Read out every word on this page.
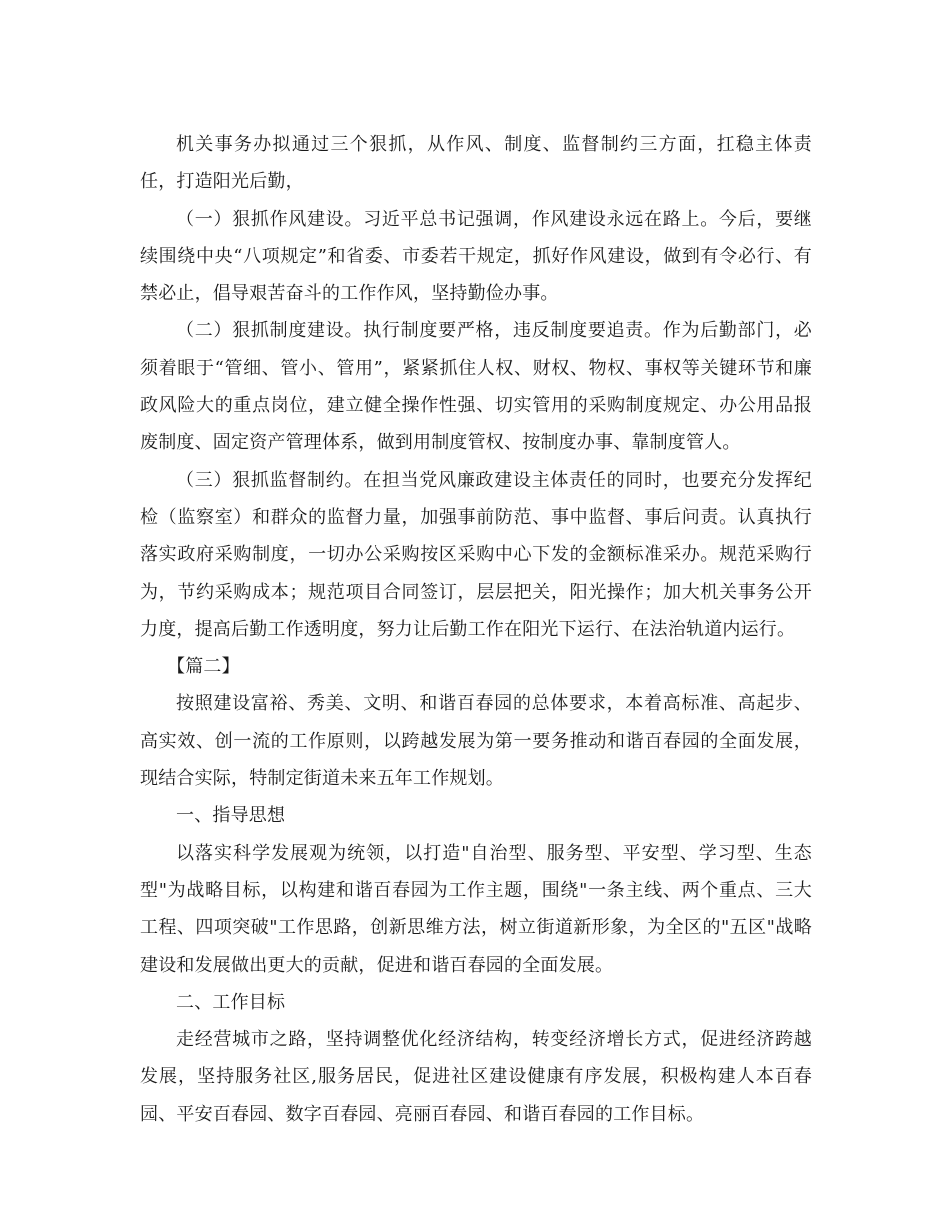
机关事务办拟通过三个狠抓，从作风、制度、监督制约三方面，扛稳主体责任，打造阳光后勤，

（一）狠抓作风建设。习近平总书记强调，作风建设永远在路上。今后，要继续围绕中央“八项规定”和省委、市委若干规定，抓好作风建设，做到有令必行、有禁必止，倡导艰苦奋斗的工作作风，坚持勤俭办事。

（二）狠抓制度建设。执行制度要严格，违反制度要追责。作为后勤部门，必须着眼于“管细、管小、管用”，紧紧抓住人权、财权、物权、事权等关键环节和廉政风险大的重点岗位，建立健全操作性强、切实管用的采购制度规定、办公用品报废制度、固定资产管理体系，做到用制度管权、按制度办事、靠制度管人。

（三）狠抓监督制约。在担当党风廉政建设主体责任的同时，也要充分发挥纪检（监察室）和群众的监督力量，加强事前防范、事中监督、事后问责。认真执行落实政府采购制度，一切办公采购按区采购中心下发的金额标准采办。规范采购行为，节约采购成本；规范项目合同签订，层层把关，阳光操作；加大机关事务公开力度，提高后勤工作透明度，努力让后勤工作在阳光下运行、在法治轨道内运行。

【篇二】

按照建设富裕、秀美、文明、和谐百春园的总体要求，本着高标准、高起步、高实效、创一流的工作原则，以跨越发展为第一要务推动和谐百春园的全面发展，现结合实际，特制定街道未来五年工作规划。

一、指导思想

以落实科学发展观为统领，以打造"自治型、服务型、平安型、学习型、生态型"为战略目标，以构建和谐百春园为工作主题，围绕"一条主线、两个重点、三大工程、四项突破"工作思路，创新思维方法，树立街道新形象，为全区的"五区"战略建设和发展做出更大的贡献，促进和谐百春园的全面发展。

二、工作目标

走经营城市之路，坚持调整优化经济结构，转变经济增长方式，促进经济跨越发展，坚持服务社区,服务居民，促进社区建设健康有序发展，积极构建人本百春园、平安百春园、数字百春园、亮丽百春园、和谐百春园的工作目标。
